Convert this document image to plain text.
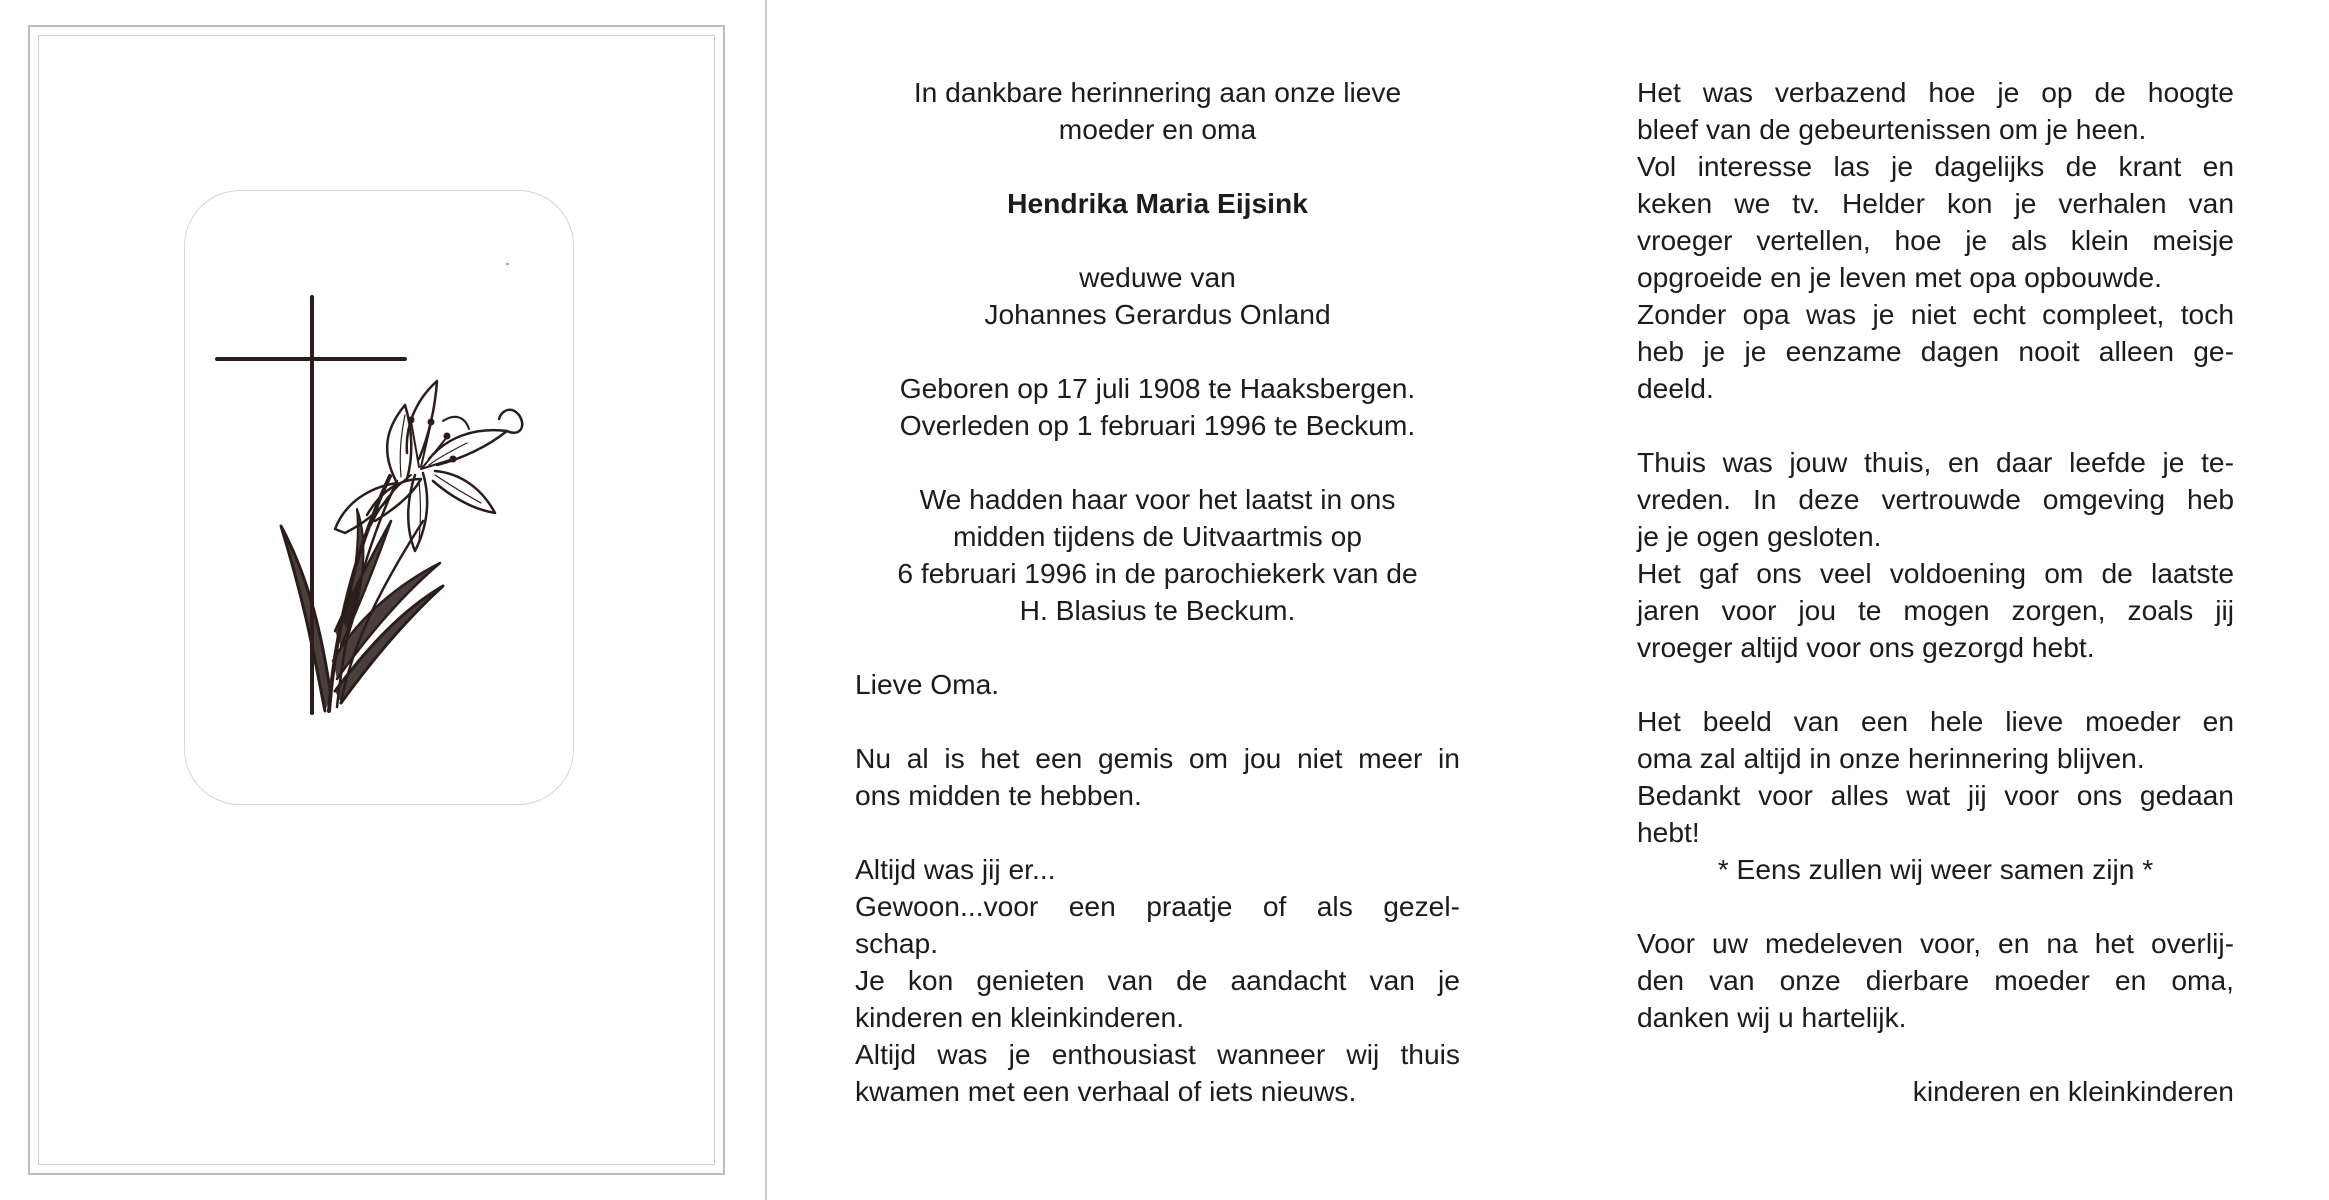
In dankbare herinnering aan onze lieve
moeder en oma
Hendrika Maria Eijsink
weduwe van
Johannes Gerardus Onland
Geboren op 17 juli 1908 te Haaksbergen.
Overleden op 1 februari 1996 te Beckum.
We hadden haar voor het laatst in ons
midden tijdens de Uitvaartmis op
6 februari 1996 in de parochiekerk van de
H. Blasius te Beckum.
Lieve Oma.
Nu al is het een gemis om jou niet meer in
ons midden te hebben.
Altijd was jij er...
Gewoon...voor een praatje of als gezel-
schap.
Je kon genieten van de aandacht van je
kinderen en kleinkinderen.
Altijd was je enthousiast wanneer wij thuis
kwamen met een verhaal of iets nieuws.
Het was verbazend hoe je op de hoogte
bleef van de gebeurtenissen om je heen.
Vol interesse las je dagelijks de krant en
keken we tv. Helder kon je verhalen van
vroeger vertellen, hoe je als klein meisje
opgroeide en je leven met opa opbouwde.
Zonder opa was je niet echt compleet, toch
heb je je eenzame dagen nooit alleen ge-
deeld.
Thuis was jouw thuis, en daar leefde je te-
vreden. In deze vertrouwde omgeving heb
je je ogen gesloten.
Het gaf ons veel voldoening om de laatste
jaren voor jou te mogen zorgen, zoals jij
vroeger altijd voor ons gezorgd hebt.
Het beeld van een hele lieve moeder en
oma zal altijd in onze herinnering blijven.
Bedankt voor alles wat jij voor ons gedaan
hebt!
* Eens zullen wij weer samen zijn *
Voor uw medeleven voor, en na het overlij-
den van onze dierbare moeder en oma,
danken wij u hartelijk.
kinderen en kleinkinderen
